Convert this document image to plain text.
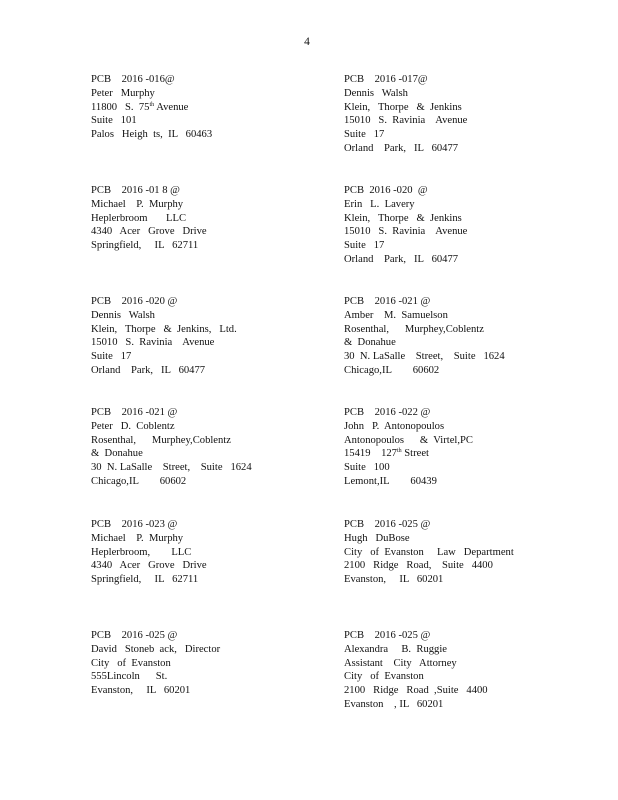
4
PCB    2016 -016@
Peter   Murphy
11800   S.  75th Avenue
Suite   101
Palos   Heigh  ts,  IL   60463
PCB    2016 -017@
Dennis   Walsh
Klein,   Thorpe   &  Jenkins
15010   S.  Ravinia    Avenue
Suite   17
Orland    Park,   IL   60477
PCB    2016 -01 8 @
Michael    P.  Murphy
Heplerbroom       LLC
4340   Acer   Grove   Drive
Springfield,     IL   62711
PCB  2016 -020  @
Erin   L.  Lavery
Klein,   Thorpe   &  Jenkins
15010   S.  Ravinia    Avenue
Suite   17
Orland    Park,   IL   60477
PCB    2016 -020 @
Dennis   Walsh
Klein,   Thorpe   &  Jenkins,   Ltd.
15010   S.  Ravinia    Avenue
Suite   17
Orland    Park,   IL   60477
PCB    2016 -021 @
Amber    M.  Samuelson
Rosenthal,      Murphey,Coblentz
&  Donahue
30  N. LaSalle    Street,    Suite   1624
Chicago,IL        60602
PCB    2016 -021 @
Peter   D.  Coblentz
Rosenthal,      Murphey,Coblentz
&  Donahue
30  N. LaSalle    Street,    Suite   1624
Chicago,IL        60602
PCB    2016 -022 @
John   P.  Antonopoulos
Antonopoulos      &  Virtel,PC
15419    127th Street
Suite   100
Lemont,IL        60439
PCB    2016 -023 @
Michael    P.  Murphy
Heplerbroom,        LLC
4340   Acer   Grove   Drive
Springfield,     IL   62711
PCB    2016 -025 @
Hugh   DuBose
City   of  Evanston     Law   Department
2100   Ridge   Road,    Suite   4400
Evanston,     IL   60201
PCB    2016 -025 @
David   Stoneb  ack,   Director
City   of  Evanston
555Lincoln      St.
Evanston,     IL   60201
PCB    2016 -025 @
Alexandra     B.  Ruggie
Assistant    City   Attorney
City   of  Evanston
2100   Ridge   Road  ,Suite   4400
Evanston    , IL   60201
